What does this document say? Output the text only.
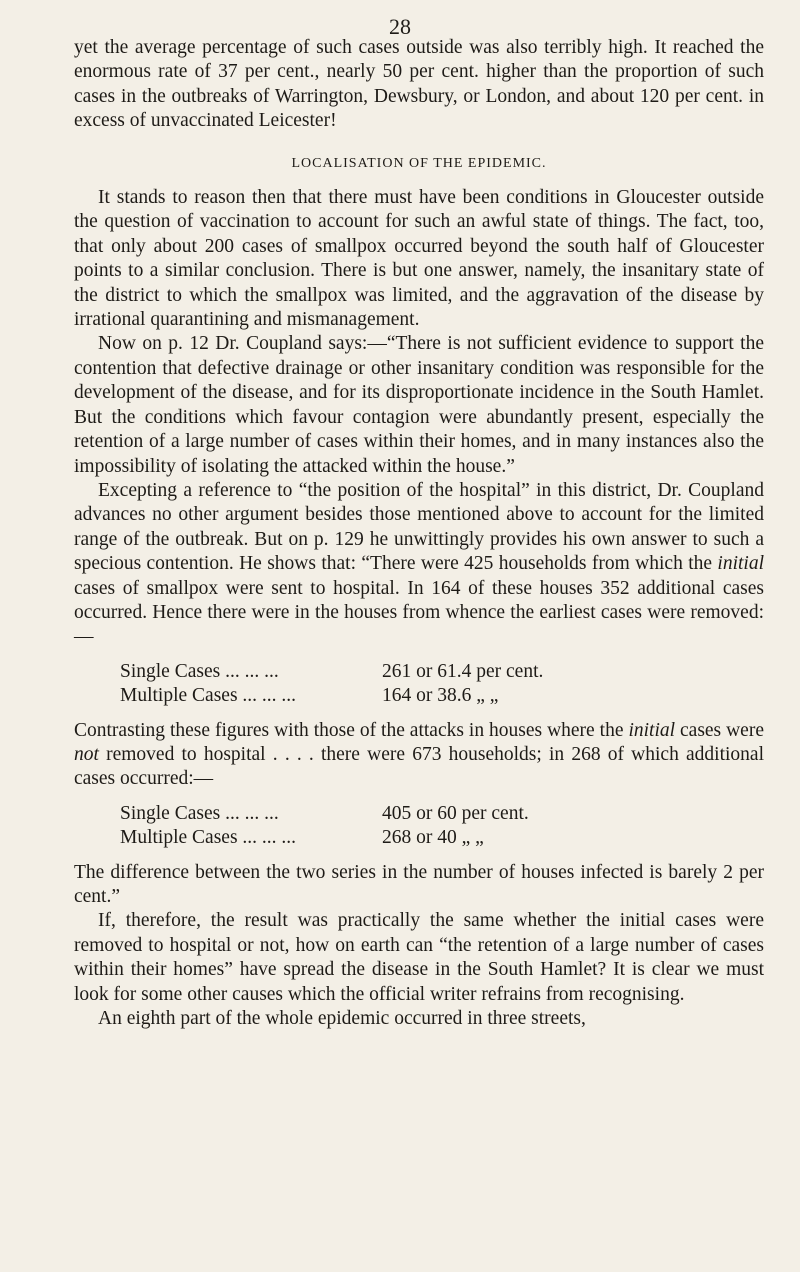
28

yet the average percentage of such cases outside was also terribly high. It reached the enormous rate of 37 per cent., nearly 50 per cent. higher than the proportion of such cases in the outbreaks of Warrington, Dewsbury, or London, and about 120 per cent. in excess of unvaccinated Leicester!

LOCALISATION OF THE EPIDEMIC.

It stands to reason then that there must have been conditions in Gloucester outside the question of vaccination to account for such an awful state of things. The fact, too, that only about 200 cases of smallpox occurred beyond the south half of Gloucester points to a similar conclusion. There is but one answer, namely, the insanitary state of the district to which the smallpox was limited, and the aggravation of the disease by irrational quarantining and mismanagement.

Now on p. 12 Dr. Coupland says:—“There is not sufficient evidence to support the contention that defective drainage or other insanitary condition was responsible for the development of the disease, and for its disproportionate incidence in the South Hamlet. But the conditions which favour contagion were abundantly present, especially the retention of a large number of cases within their homes, and in many instances also the impossibility of isolating the attacked within the house.”

Excepting a reference to “the position of the hospital” in this district, Dr. Coupland advances no other argument besides those mentioned above to account for the limited range of the outbreak. But on p. 129 he unwittingly provides his own answer to such a specious contention. He shows that: “There were 425 households from which the initial cases of smallpox were sent to hospital. In 164 of these houses 352 additional cases occurred. Hence there were in the houses from whence the earliest cases were removed:—

Single Cases ... ... ...	261 or 61.4 per cent.
Multiple Cases ... ... ...	164 or 38.6 „ „

Contrasting these figures with those of the attacks in houses where the initial cases were not removed to hospital . . . . there were 673 households; in 268 of which additional cases occurred:—

Single Cases ... ... ...	405 or 60 per cent.
Multiple Cases ... ... ...	268 or 40 „ „

The difference between the two series in the number of houses infected is barely 2 per cent.”

If, therefore, the result was practically the same whether the initial cases were removed to hospital or not, how on earth can “the retention of a large number of cases within their homes” have spread the disease in the South Hamlet? It is clear we must look for some other causes which the official writer refrains from recognising.

An eighth part of the whole epidemic occurred in three streets,
